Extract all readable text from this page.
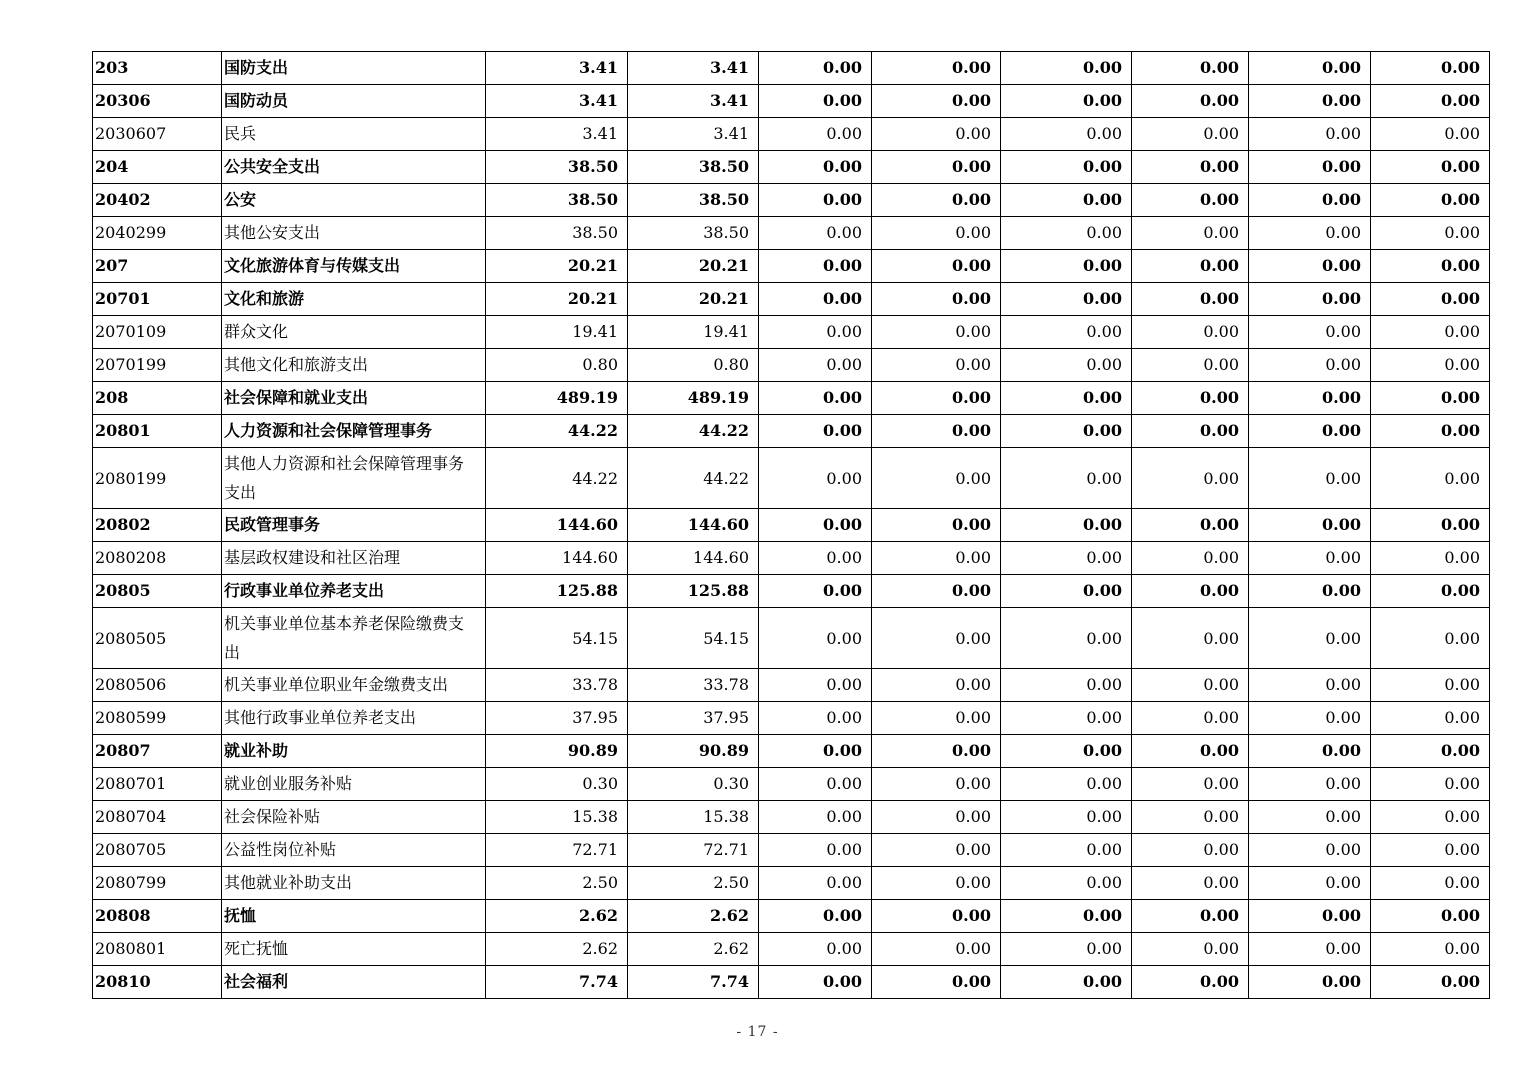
203	国防支出	3.41	3.41	0.00	0.00	0.00	0.00	0.00	0.00
20306	国防动员	3.41	3.41	0.00	0.00	0.00	0.00	0.00	0.00
2030607	民兵	3.41	3.41	0.00	0.00	0.00	0.00	0.00	0.00
204	公共安全支出	38.50	38.50	0.00	0.00	0.00	0.00	0.00	0.00
20402	公安	38.50	38.50	0.00	0.00	0.00	0.00	0.00	0.00
2040299	其他公安支出	38.50	38.50	0.00	0.00	0.00	0.00	0.00	0.00
207	文化旅游体育与传媒支出	20.21	20.21	0.00	0.00	0.00	0.00	0.00	0.00
20701	文化和旅游	20.21	20.21	0.00	0.00	0.00	0.00	0.00	0.00
2070109	群众文化	19.41	19.41	0.00	0.00	0.00	0.00	0.00	0.00
2070199	其他文化和旅游支出	0.80	0.80	0.00	0.00	0.00	0.00	0.00	0.00
208	社会保障和就业支出	489.19	489.19	0.00	0.00	0.00	0.00	0.00	0.00
20801	人力资源和社会保障管理事务	44.22	44.22	0.00	0.00	0.00	0.00	0.00	0.00
2080199	其他人力资源和社会保障管理事务支出	44.22	44.22	0.00	0.00	0.00	0.00	0.00	0.00
20802	民政管理事务	144.60	144.60	0.00	0.00	0.00	0.00	0.00	0.00
2080208	基层政权建设和社区治理	144.60	144.60	0.00	0.00	0.00	0.00	0.00	0.00
20805	行政事业单位养老支出	125.88	125.88	0.00	0.00	0.00	0.00	0.00	0.00
2080505	机关事业单位基本养老保险缴费支出	54.15	54.15	0.00	0.00	0.00	0.00	0.00	0.00
2080506	机关事业单位职业年金缴费支出	33.78	33.78	0.00	0.00	0.00	0.00	0.00	0.00
2080599	其他行政事业单位养老支出	37.95	37.95	0.00	0.00	0.00	0.00	0.00	0.00
20807	就业补助	90.89	90.89	0.00	0.00	0.00	0.00	0.00	0.00
2080701	就业创业服务补贴	0.30	0.30	0.00	0.00	0.00	0.00	0.00	0.00
2080704	社会保险补贴	15.38	15.38	0.00	0.00	0.00	0.00	0.00	0.00
2080705	公益性岗位补贴	72.71	72.71	0.00	0.00	0.00	0.00	0.00	0.00
2080799	其他就业补助支出	2.50	2.50	0.00	0.00	0.00	0.00	0.00	0.00
20808	抚恤	2.62	2.62	0.00	0.00	0.00	0.00	0.00	0.00
2080801	死亡抚恤	2.62	2.62	0.00	0.00	0.00	0.00	0.00	0.00
20810	社会福利	7.74	7.74	0.00	0.00	0.00	0.00	0.00	0.00
- 17 -
